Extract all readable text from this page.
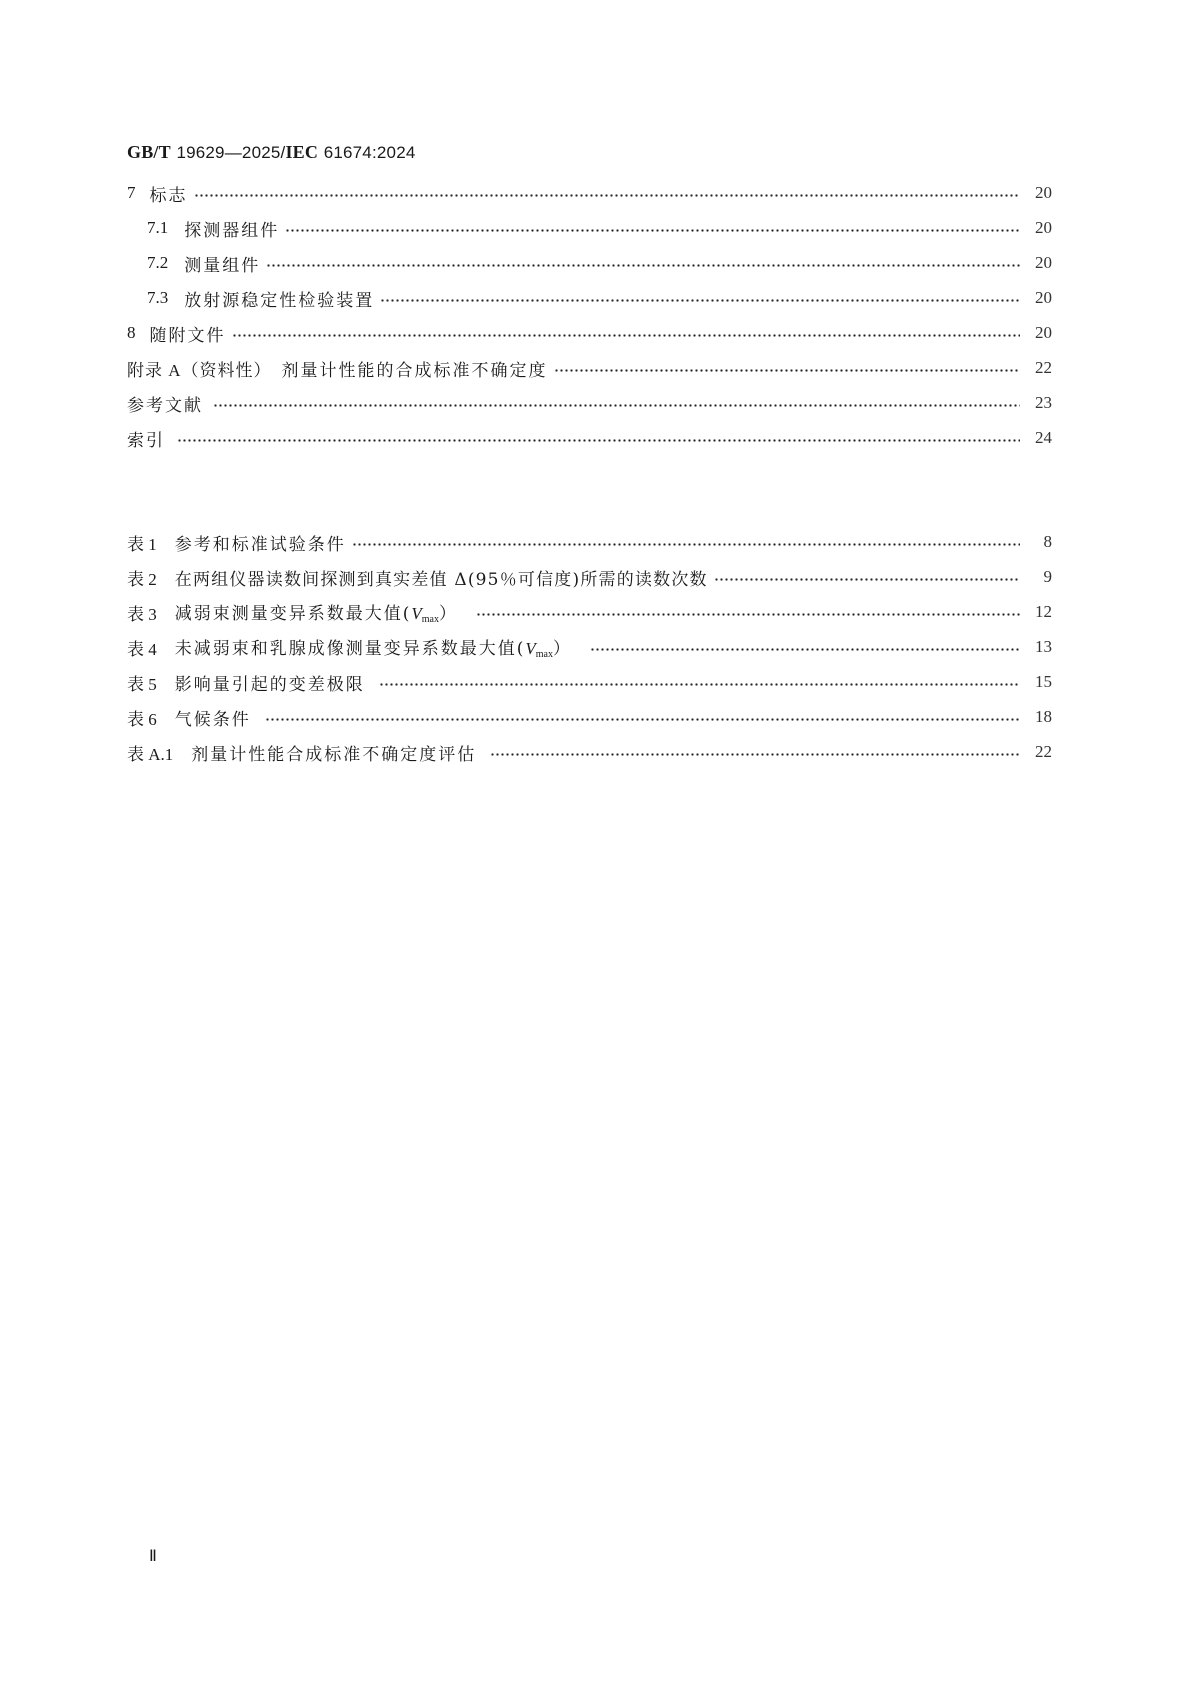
GB/T 19629—2025/IEC 61674:2024
7 标志	20
7.1 探测器组件	20
7.2 测量组件	20
7.3 放射源稳定性检验装置	20
8 随附文件	20
附录 A（资料性） 剂量计性能的合成标准不确定度	22
参考文献	23
索引	24
表 1 参考和标准试验条件	8
表 2 在两组仪器读数间探测到真实差值 Δ(95％可信度)所需的读数次数	9
表 3 减弱束测量变异系数最大值$(V_{max})$	12
表 4 未减弱束和乳腺成像测量变异系数最大值$(V_{max})$	13
表 5 影响量引起的变差极限	15
表 6 气候条件	18
表 A.1 剂量计性能合成标准不确定度评估	22
Ⅱ
